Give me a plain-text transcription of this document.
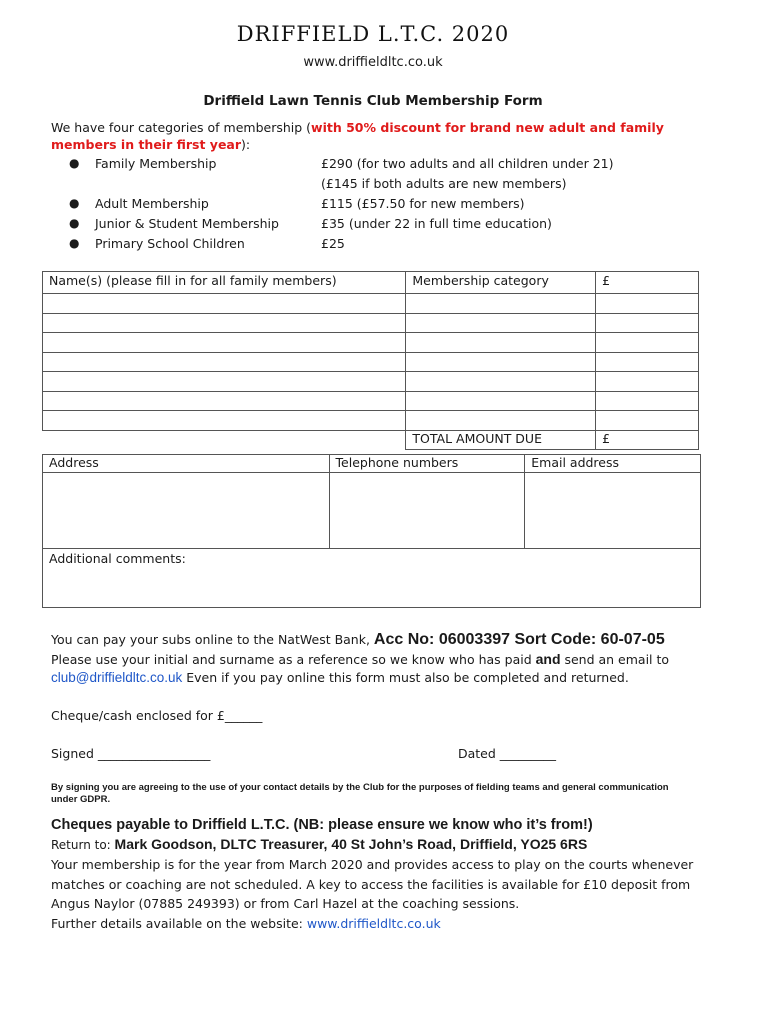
DRIFFIELD L.T.C. 2020
www.driffieldltc.co.uk
Driffield Lawn Tennis Club Membership Form
We have four categories of membership (with 50% discount for brand new adult and family members in their first year):
● Family Membership	£290 (for two adults and all children under 21)
(£145 if both adults are new members)
● Adult Membership	£115 (£57.50 for new members)
● Junior & Student Membership	£35 (under 22 in full time education)
● Primary School Children	£25
Name(s) (please fill in for all family members)	Membership category	£

	TOTAL AMOUNT DUE	£
Address	Telephone numbers	Email address

Additional comments:		
You can pay your subs online to the NatWest Bank, Acc No: 06003397 Sort Code: 60-07-05
Please use your initial and surname as a reference so we know who has paid and send an email to
club@driffieldltc.co.uk Even if you pay online this form must also be completed and returned.
Cheque/cash enclosed for £______
Signed __________________	Dated _________
By signing you are agreeing to the use of your contact details by the Club for the purposes of fielding teams and general communication under GDPR.
Cheques payable to Driffield L.T.C. (NB: please ensure we know who it’s from!)
Return to: Mark Goodson, DLTC Treasurer, 40 St John’s Road, Driffield, YO25 6RS
Your membership is for the year from March 2020 and provides access to play on the courts whenever matches or coaching are not scheduled. A key to access the facilities is available for £10 deposit from Angus Naylor (07885 249393) or from Carl Hazel at the coaching sessions.
Further details available on the website: www.driffieldltc.co.uk
